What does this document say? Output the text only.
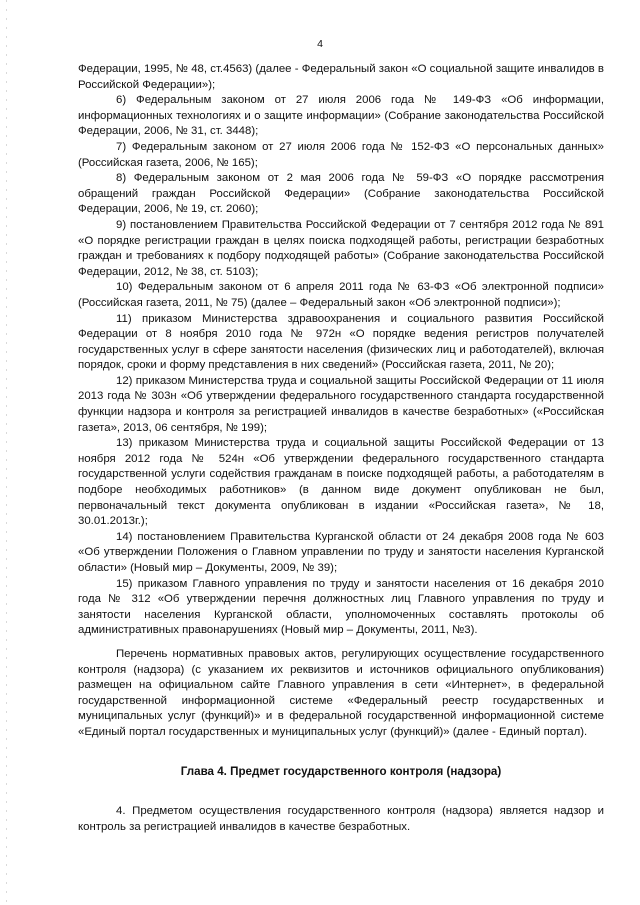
4

Федерации, 1995, № 48, ст.4563) (далее - Федеральный закон «О социальной защите инвалидов в Российской Федерации»);

6) Федеральным законом от 27 июля 2006 года № 149-ФЗ «Об информации, информационных технологиях и о защите информации» (Собрание законодательства Российской Федерации, 2006, № 31, ст. 3448);

7) Федеральным законом от 27 июля 2006 года № 152-ФЗ «О персональных данных» (Российская газета, 2006, № 165);

8) Федеральным законом от 2 мая 2006 года № 59-ФЗ «О порядке рассмотрения обращений граждан Российской Федерации» (Собрание законодательства Российской Федерации, 2006, № 19, ст. 2060);

9) постановлением Правительства Российской Федерации от 7 сентября 2012 года № 891 «О порядке регистрации граждан в целях поиска подходящей работы, регистрации безработных граждан и требованиях к подбору подходящей работы» (Собрание законодательства Российской Федерации, 2012, № 38, ст. 5103);

10) Федеральным законом от 6 апреля 2011 года № 63-ФЗ «Об электронной подписи» (Российская газета, 2011, № 75) (далее – Федеральный закон «Об электронной подписи»);

11) приказом Министерства здравоохранения и социального развития Российской Федерации от 8 ноября 2010 года № 972н «О порядке ведения регистров получателей государственных услуг в сфере занятости населения (физических лиц и работодателей), включая порядок, сроки и форму представления в них сведений» (Российская газета, 2011, № 20);

12) приказом Министерства труда и социальной защиты Российской Федерации от 11 июля 2013 года № 303н «Об утверждении федерального государственного стандарта государственной функции надзора и контроля за регистрацией инвалидов в качестве безработных» («Российская газета», 2013, 06 сентября, № 199);

13) приказом Министерства труда и социальной защиты Российской Федерации от 13 ноября 2012 года № 524н «Об утверждении федерального государственного стандарта государственной услуги содействия гражданам в поиске подходящей работы, а работодателям в подборе необходимых работников» (в данном виде документ опубликован не был, первоначальный текст документа опубликован в издании «Российская газета», № 18, 30.01.2013г.);

14) постановлением Правительства Курганской области от 24 декабря 2008 года № 603 «Об утверждении Положения о Главном управлении по труду и занятости населения Курганской области» (Новый мир – Документы, 2009, № 39);

15) приказом Главного управления по труду и занятости населения от 16 декабря 2010 года № 312 «Об утверждении перечня должностных лиц Главного управления по труду и занятости населения Курганской области, уполномоченных составлять протоколы об административных правонарушениях (Новый мир – Документы, 2011, №3).

Перечень нормативных правовых актов, регулирующих осуществление государственного контроля (надзора) (с указанием их реквизитов и источников официального опубликования) размещен на официальном сайте Главного управления в сети «Интернет», в федеральной государственной информационной системе «Федеральный реестр государственных и муниципальных услуг (функций)» и в федеральной государственной информационной системе «Единый портал государственных и муниципальных услуг (функций)» (далее - Единый портал).

Глава 4. Предмет государственного контроля (надзора)

4. Предметом осуществления государственного контроля (надзора) является надзор и контроль за регистрацией инвалидов в качестве безработных.
